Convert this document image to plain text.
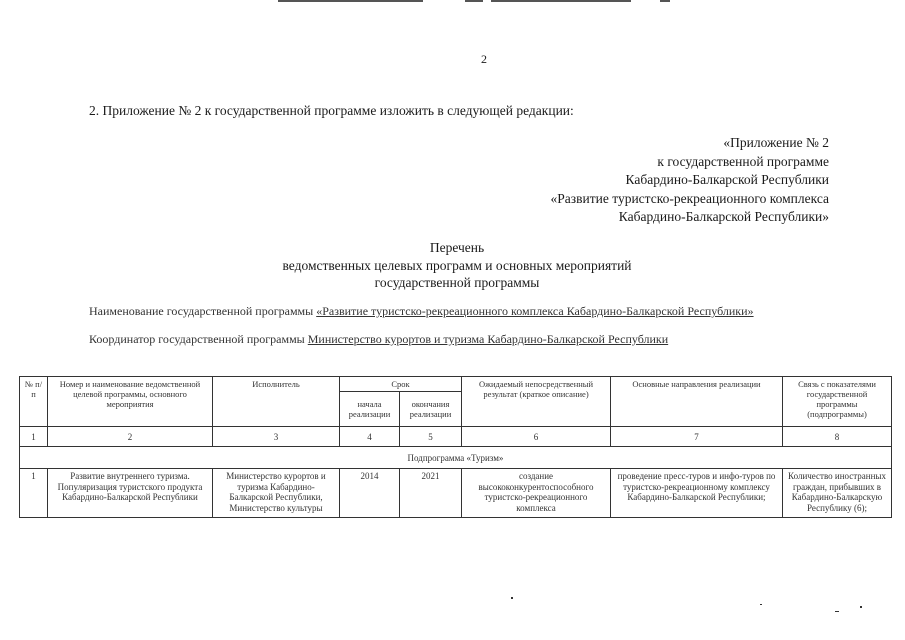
2
2. Приложение № 2 к государственной программе изложить в следующей редакции:
«Приложение № 2
к государственной программе
Кабардино-Балкарской Республики
«Развитие туристско-рекреационного комплекса
Кабардино-Балкарской Республики»
Перечень
ведомственных целевых программ и основных мероприятий
государственной программы
Наименование государственной программы «Развитие туристско-рекреационного комплекса Кабардино-Балкарской Республики»
Координатор государственной программы Министерство курортов и туризма Кабардино-Балкарской Республики
№ п/п	Номер и наименование ведомственной целевой программы, основного мероприятия	Исполнитель	Срок		Ожидаемый непосредственный результат (краткое описание)	Основные направления реализации	Связь с показателями государственной программы (подпрограммы)
			начала реализации	окончания реализации			
1	2	3	4	5	6	7	8
Подпрограмма «Туризм»							
1	Развитие внутреннего туризма. Популяризация туристского продукта Кабардино-Балкарской Республики	Министерство курортов и туризма Кабардино-Балкарской Республики, Министерство культуры	2014	2021	создание высококонкурентоспособного туристско-рекреационного комплекса	проведение пресс-туров и инфо-туров по туристско-рекреационному комплексу Кабардино-Балкарской Республики;	Количество иностранных граждан, прибывших в Кабардино-Балкарскую Республику (6);
